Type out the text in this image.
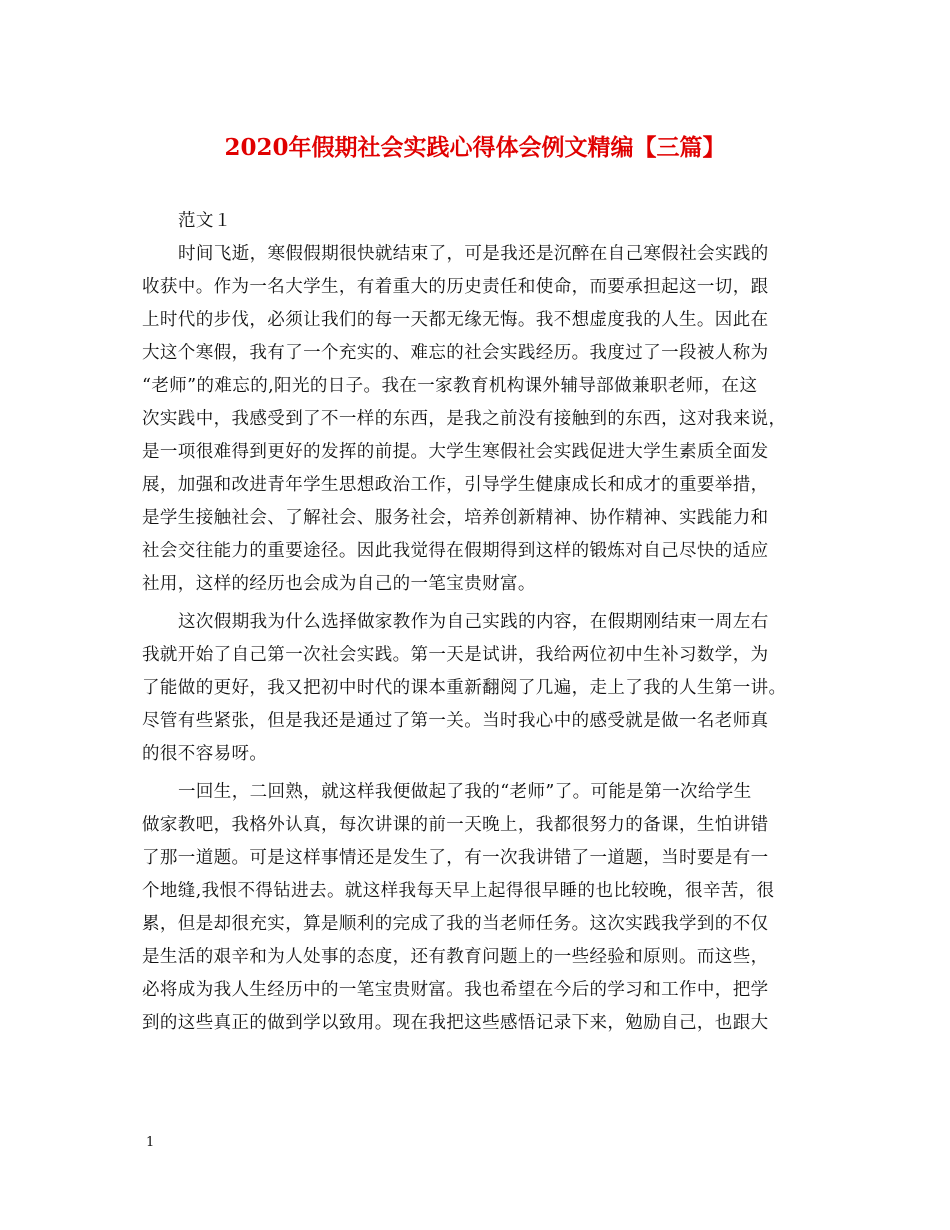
2020年假期社会实践心得体会例文精编【三篇】
范文１
时间飞逝，寒假假期很快就结束了，可是我还是沉醉在自己寒假社会实践的
收获中。作为一名大学生，有着重大的历史责任和使命，而要承担起这一切，跟
上时代的步伐，必须让我们的每一天都无缘无悔。我不想虚度我的人生。因此在
大这个寒假，我有了一个充实的、难忘的社会实践经历。我度过了一段被人称为
“老师”的难忘的,阳光的日子。我在一家教育机构课外辅导部做兼职老师，在这
次实践中，我感受到了不一样的东西，是我之前没有接触到的东西，这对我来说，
是一项很难得到更好的发挥的前提。大学生寒假社会实践促进大学生素质全面发
展，加强和改进青年学生思想政治工作，引导学生健康成长和成才的重要举措，
是学生接触社会、了解社会、服务社会，培养创新精神、协作精神、实践能力和
社会交往能力的重要途径。因此我觉得在假期得到这样的锻炼对自己尽快的适应
社用，这样的经历也会成为自己的一笔宝贵财富。
这次假期我为什么选择做家教作为自己实践的内容，在假期刚结束一周左右
我就开始了自己第一次社会实践。第一天是试讲，我给两位初中生补习数学，为
了能做的更好，我又把初中时代的课本重新翻阅了几遍，走上了我的人生第一讲。
尽管有些紧张，但是我还是通过了第一关。当时我心中的感受就是做一名老师真
的很不容易呀。
一回生，二回熟，就这样我便做起了我的“老师”了。可能是第一次给学生
做家教吧，我格外认真，每次讲课的前一天晚上，我都很努力的备课，生怕讲错
了那一道题。可是这样事情还是发生了，有一次我讲错了一道题，当时要是有一
个地缝,我恨不得钻进去。就这样我每天早上起得很早睡的也比较晚，很辛苦，很
累，但是却很充实，算是顺利的完成了我的当老师任务。这次实践我学到的不仅
是生活的艰辛和为人处事的态度，还有教育问题上的一些经验和原则。而这些，
必将成为我人生经历中的一笔宝贵财富。我也希望在今后的学习和工作中，把学
到的这些真正的做到学以致用。现在我把这些感悟记录下来，勉励自己，也跟大
1
